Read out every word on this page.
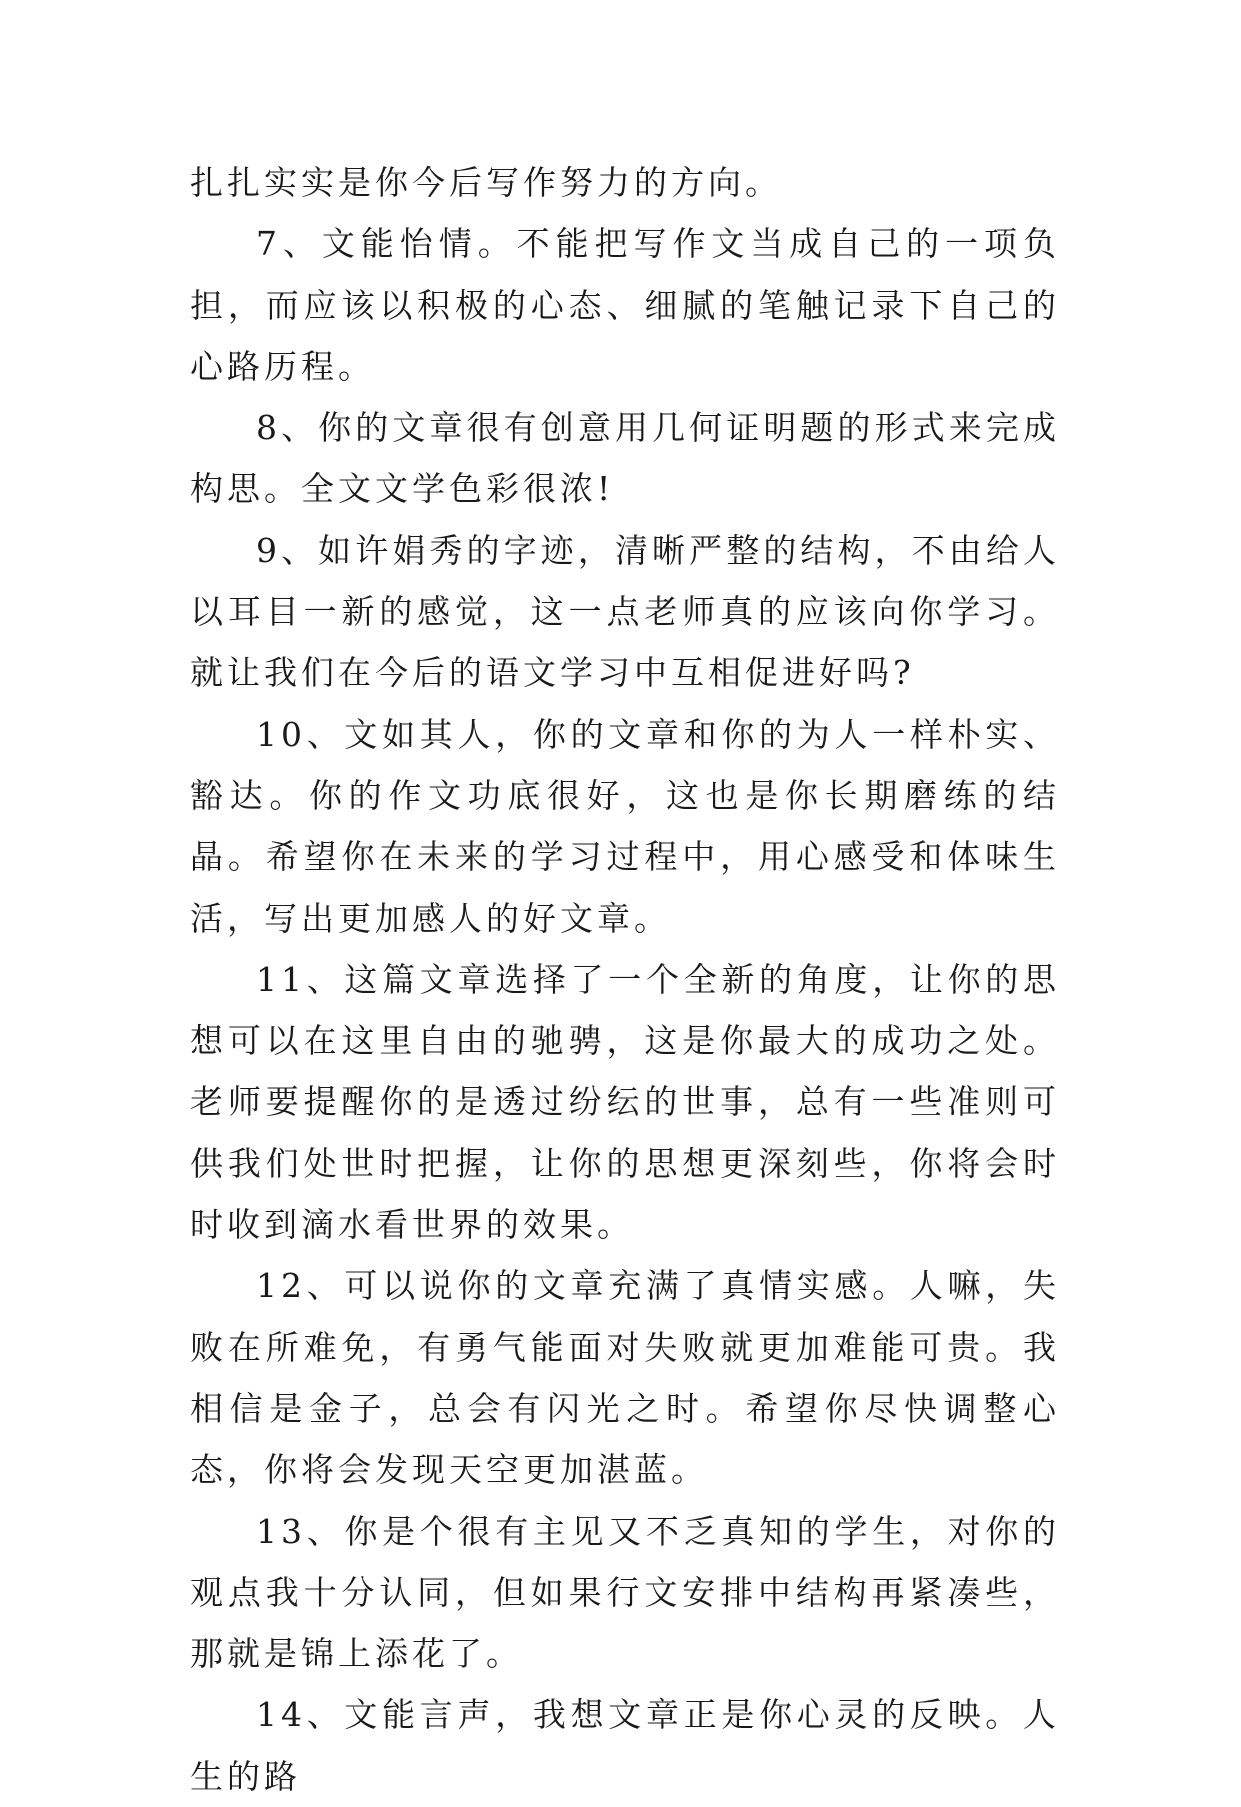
扎扎实实是你今后写作努力的方向。

7、文能怡情。不能把写作文当成自己的一项负担，而应该以积极的心态、细腻的笔触记录下自己的心路历程。

8、你的文章很有创意用几何证明题的形式来完成构思。全文文学色彩很浓!

9、如许娟秀的字迹，清晰严整的结构，不由给人以耳目一新的感觉，这一点老师真的应该向你学习。就让我们在今后的语文学习中互相促进好吗?

10、文如其人，你的文章和你的为人一样朴实、豁达。你的作文功底很好，这也是你长期磨练的结晶。希望你在未来的学习过程中，用心感受和体味生活，写出更加感人的好文章。

11、这篇文章选择了一个全新的角度，让你的思想可以在这里自由的驰骋，这是你最大的成功之处。老师要提醒你的是透过纷纭的世事，总有一些准则可供我们处世时把握，让你的思想更深刻些，你将会时时收到滴水看世界的效果。

12、可以说你的文章充满了真情实感。人嘛，失败在所难免，有勇气能面对失败就更加难能可贵。我相信是金子，总会有闪光之时。希望你尽快调整心态，你将会发现天空更加湛蓝。

13、你是个很有主见又不乏真知的学生，对你的观点我十分认同，但如果行文安排中结构再紧凑些，那就是锦上添花了。

14、文能言声，我想文章正是你心灵的反映。人生的路
